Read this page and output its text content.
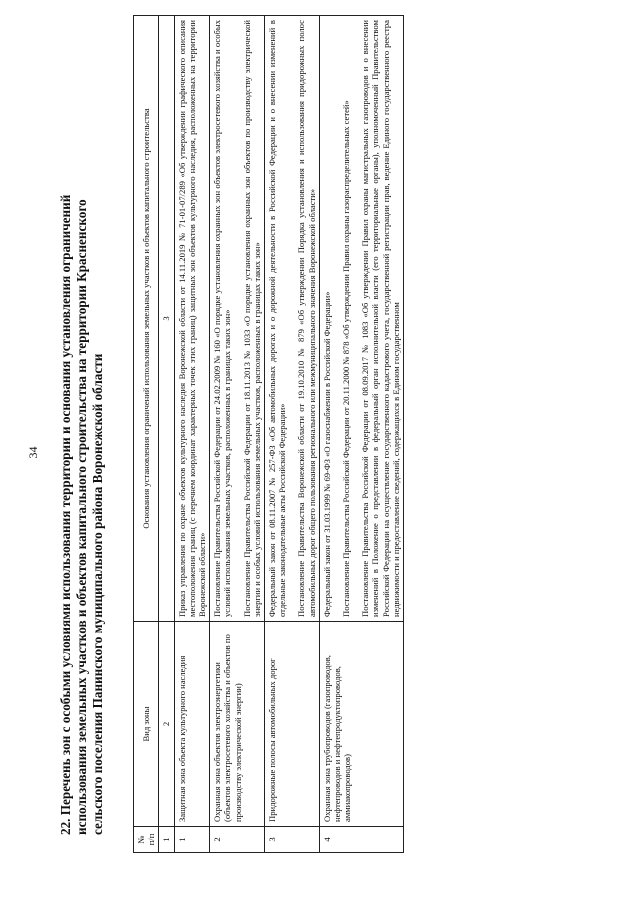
34 22. Перечень зон с особыми условиями использования территории и основания установления ограничений использования земельных участков и объектов капитального строительства на территории Красненского сельского поселения Панинского муниципального района Воронежской области
№ п/п	Вид зоны	Основания установления ограничений использования земельных участков и объектов капитального строительства
1	2	3
1	Защитная зона объекта культурного наследия	Приказ управления по охране объектов культурного наследия Воронежской области от 14.11.2019 № 71-01-07/289 «Об утверждении графического описания местоположения границ (с перечнем координат характерных точек этих границ) защитных зон объектов культурного наследия, расположенных на территории Воронежской области»

2	Охранная зона объектов электроэнергетики (объектов электросетевого хозяйства и объектов по производству электрической энергии)	Постановление Правительства Российской Федерации от 24.02.2009 № 160 «О порядке установления охранных зон объектов электросетевого хозяйства и особых условий использования земельных участков, расположенных в границах таких зон» Постановление Правительства Российской Федерации от 18.11.2013 № 1033 «О порядке установления охранных зон объектов по производству электрической энергии и особых условий использования земельных участков, расположенных в границах таких зон»

3	Придорожные полосы автомобильных дорог	Федеральный закон от 08.11.2007 № 257-ФЗ «Об автомобильных дорогах и о дорожной деятельности в Российской Федерации и о внесении изменений в отдельные законодательные акты Российской Федерации» Постановление Правительства Воронежской области от 19.10.2010 № 879 «Об утверждении Порядка установления и использования придорожных полос автомобильных дорог общего пользования регионального или межмуниципального значения Воронежской области»

4	Охранная зона трубопроводов (газопроводов, нефтепроводов и нефтепродуктопроводов, аммиакопроводов)	Федеральный закон от 31.03.1999 № 69-ФЗ «О газоснабжении в Российской Федерации» Постановление Правительства Российской Федерации от 20.11.2000 № 878 «Об утверждении Правил охраны газораспределительных сетей» Постановление Правительства Российской Федерации от 08.09.2017 № 1083 «Об утверждении Правил охраны магистральных газопроводов и о внесении изменений в Положение о представлении в федеральный орган исполнительной власти (его территориальные органы), уполномоченный Правительством Российской Федерации на осуществление государственного кадастрового учета, государственной регистрации прав, ведение Единого государственного реестра недвижимости и предоставление сведений, содержащихся в Едином государственном
